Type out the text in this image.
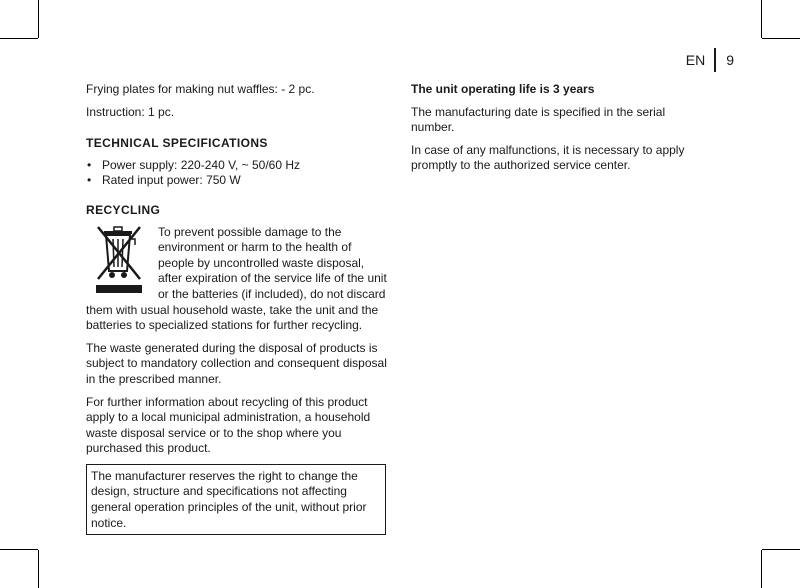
EN 9

Frying plates for making nut waffles: - 2 pc.

Instruction: 1 pc.

TECHNICAL SPECIFICATIONS
• Power supply: 220-240 V, ~ 50/60 Hz
• Rated input power: 750 W
RECYCLING

To prevent possible damage to the environment or harm to the health of people by uncontrolled waste disposal, after expiration of the service life of the unit or the batteries (if included), do not discard them with usual household waste, take the unit and the batteries to specialized stations for further recycling.

The waste generated during the disposal of products is subject to mandatory collection and consequent disposal in the prescribed manner.

For further information about recycling of this product apply to a local municipal administration, a household waste disposal service or to the shop where you purchased this product.

The manufacturer reserves the right to change the design, structure and specifications not affecting general operation principles of the unit, without prior notice.

The unit operating life is 3 years

The manufacturing date is specified in the serial number.

In case of any malfunctions, it is necessary to apply promptly to the authorized service center.
